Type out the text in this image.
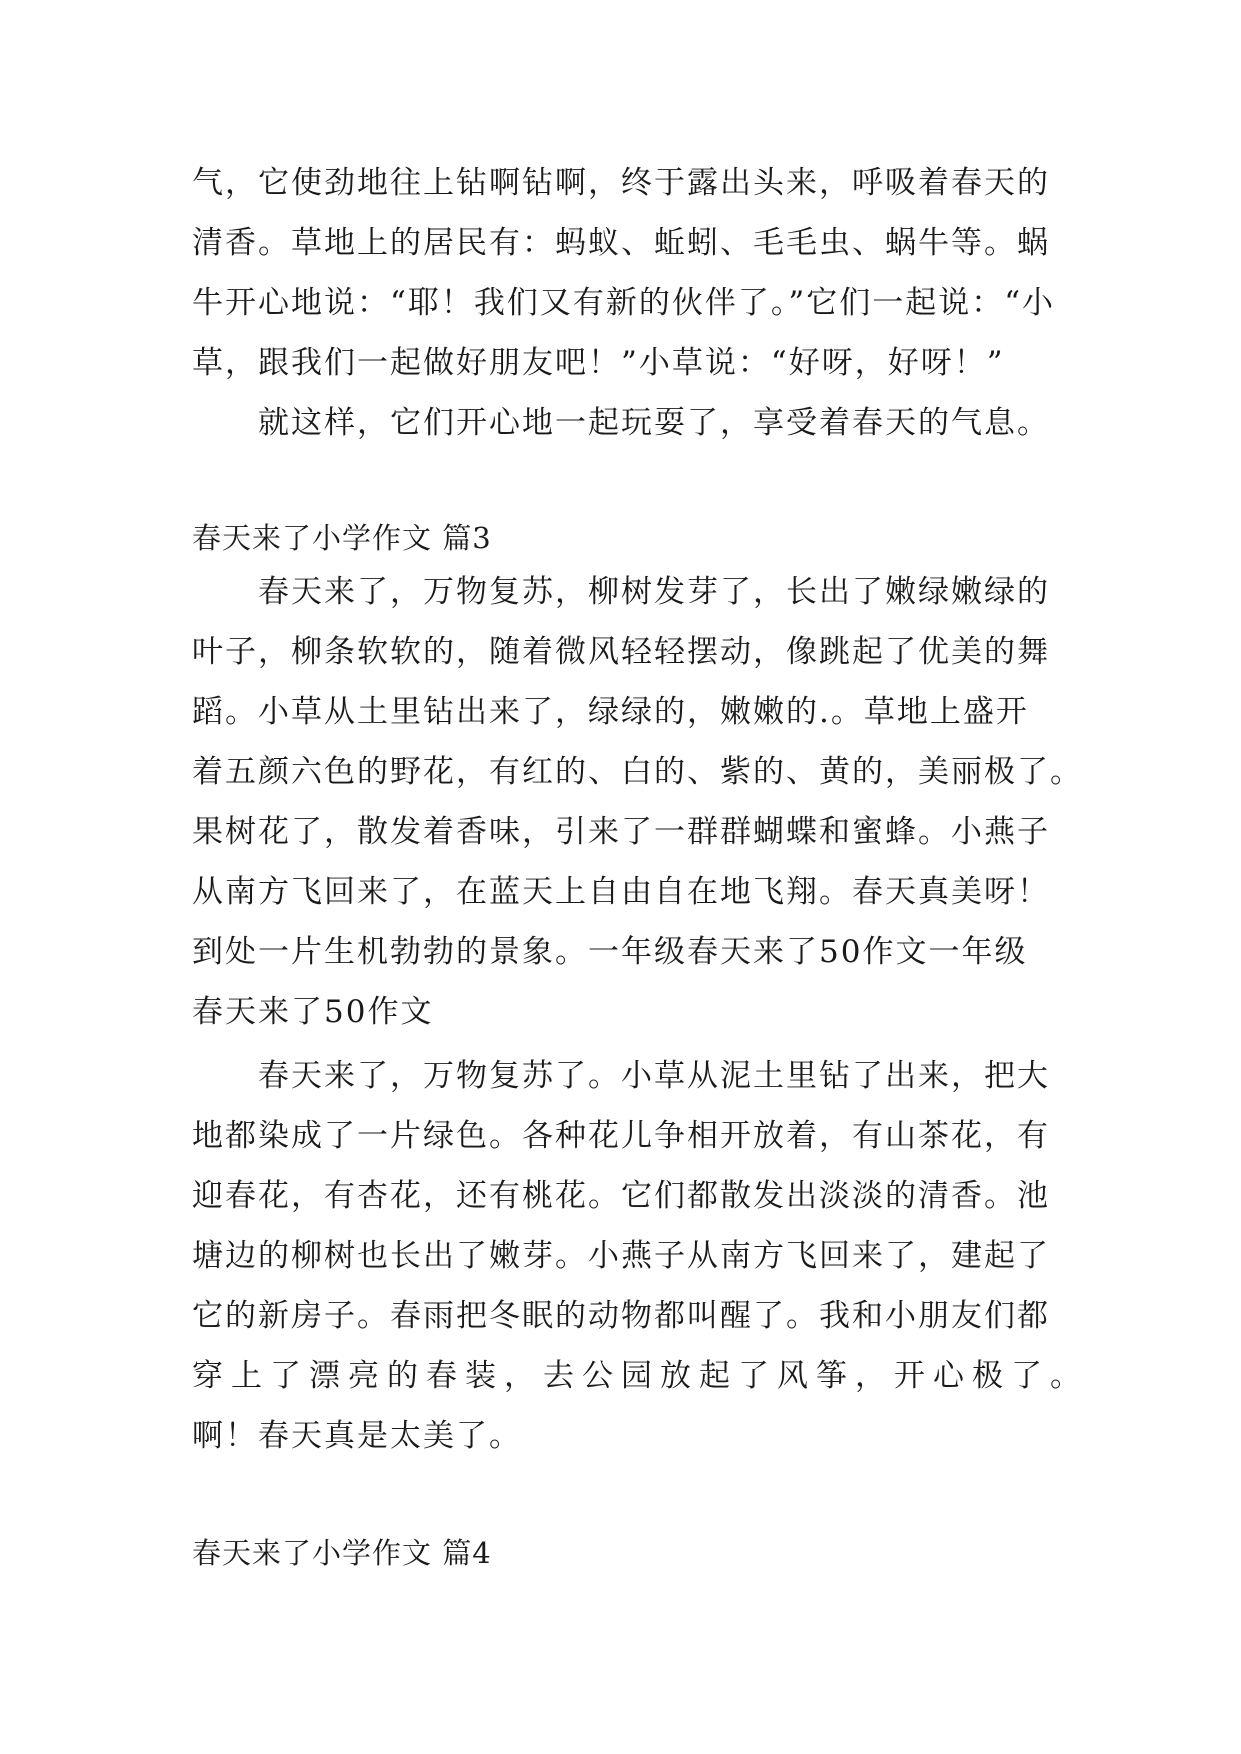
气，它使劲地往上钻啊钻啊，终于露出头来，呼吸着春天的
清香。草地上的居民有：蚂蚁、蚯蚓、毛毛虫、蜗牛等。蜗
牛开心地说：“耶！我们又有新的伙伴了。”它们一起说：“小
草，跟我们一起做好朋友吧！”小草说：“好呀，好呀！”
就这样，它们开心地一起玩耍了，享受着春天的气息。
春天来了小学作文 篇3
春天来了，万物复苏，柳树发芽了，长出了嫩绿嫩绿的
叶子，柳条软软的，随着微风轻轻摆动，像跳起了优美的舞
蹈。小草从土里钻出来了，绿绿的，嫩嫩的.。草地上盛开
着五颜六色的野花，有红的、白的、紫的、黄的，美丽极了。
果树花了，散发着香味，引来了一群群蝴蝶和蜜蜂。小燕子
从南方飞回来了，在蓝天上自由自在地飞翔。春天真美呀！
到处一片生机勃勃的景象。一年级春天来了50作文一年级
春天来了50作文
春天来了，万物复苏了。小草从泥土里钻了出来，把大
地都染成了一片绿色。各种花儿争相开放着，有山茶花，有
迎春花，有杏花，还有桃花。它们都散发出淡淡的清香。池
塘边的柳树也长出了嫩芽。小燕子从南方飞回来了，建起了
它的新房子。春雨把冬眠的动物都叫醒了。我和小朋友们都
穿上了漂亮的春装，去公园放起了风筝，开心极了。
啊！春天真是太美了。
春天来了小学作文 篇4
